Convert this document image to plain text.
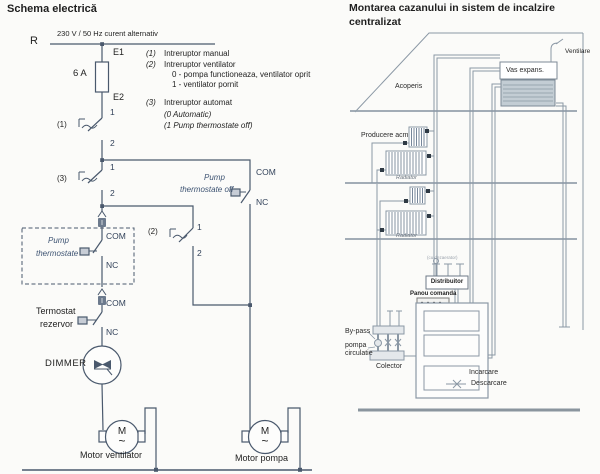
Schema electrică
R
230 V / 50 Hz curent alternativ
E1
6 A
E2
(1) Intreruptor manual
(2) Intreruptor ventilator
0 - pompa functioneaza, ventilator oprit
1 - ventilator pornit
(3) Intreruptor automat
(0 Automatic)
(1 Pump thermostate off)
(1)
1
2
(3)
1
2
(2)	1
2
Pump
thermostate off
COM
NC
Pump
thermostate
COM
NC
Termostat
rezervor
COM
NC
DIMMER
M
~
M
~
Motor ventilator	Motor pompa
Montarea cazanului in sistem de incalzire
centralizat
Ventilare
Vas expans.
Acoperis
Producere acm
Radiator
Radiator
(cu dezaerator)
Distribuitor
Panou comanda
By-pass
pompa
circulatie
Colector
Incarcare
Descarcare
